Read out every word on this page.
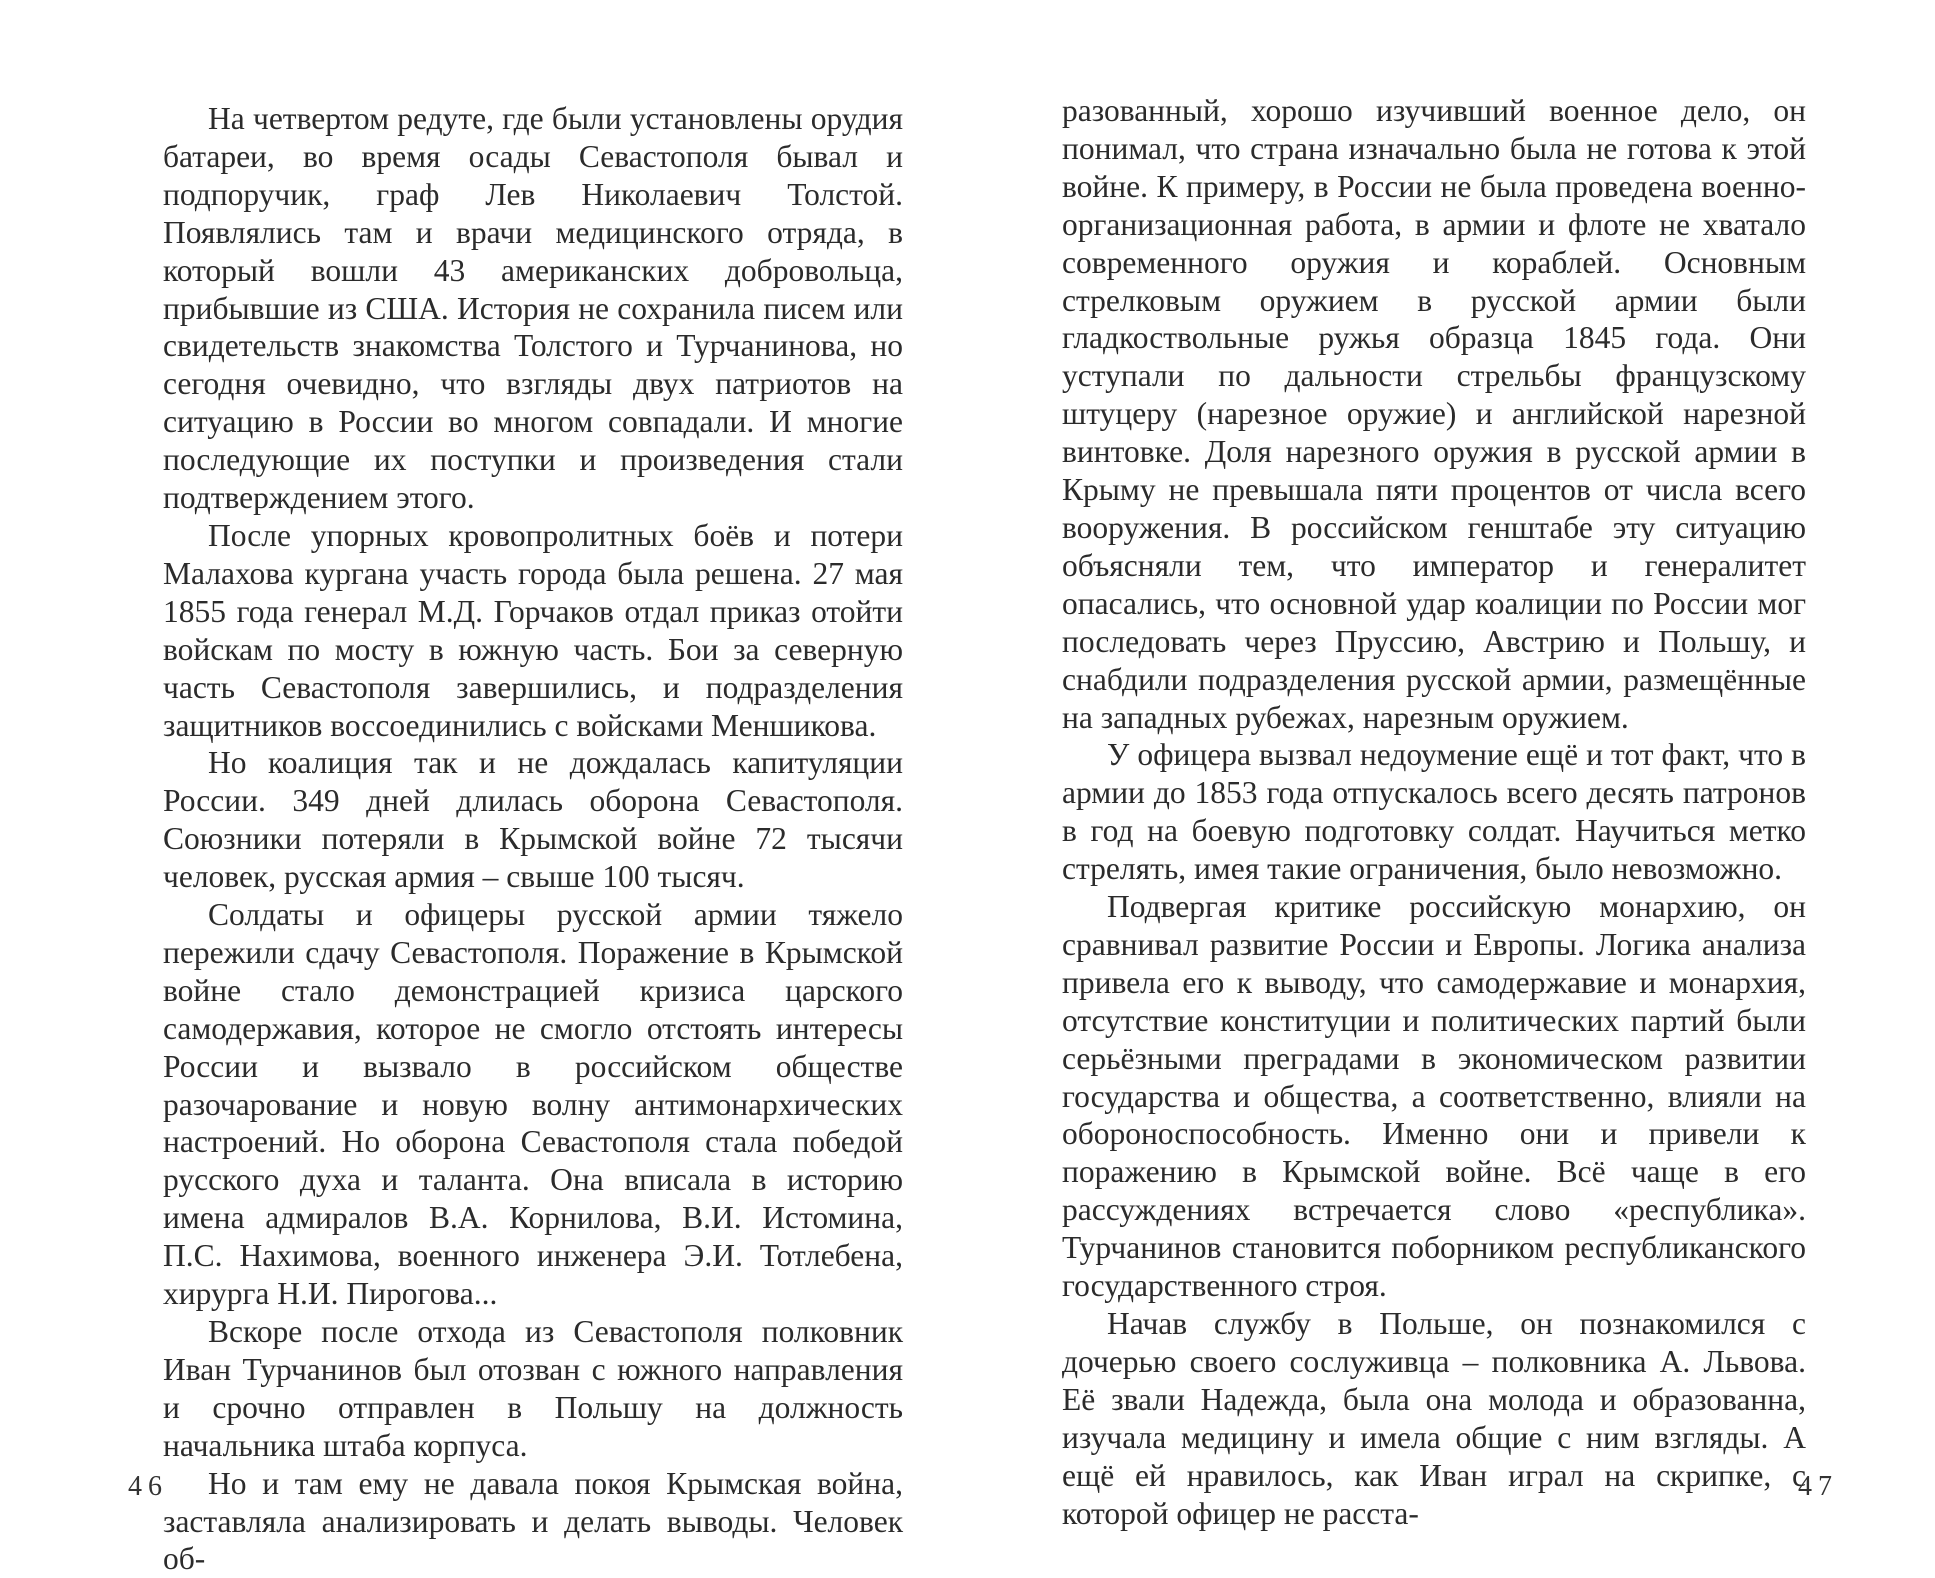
На четвертом редуте, где были установлены орудия батареи, во время осады Севастополя бывал и подпоручик, граф Лев Николаевич Толстой. Появлялись там и врачи медицинского отряда, в который вошли 43 американских добровольца, прибывшие из США. История не сохранила писем или свидетельств знакомства Толстого и Турчанинова, но сегодня очевидно, что взгляды двух патриотов на ситуацию в России во многом совпадали. И многие последующие их поступки и произведения стали подтверждением этого.

После упорных кровопролитных боёв и потери Малахова кургана участь города была решена. 27 мая 1855 года генерал М.Д. Горчаков отдал приказ отойти войскам по мосту в южную часть. Бои за северную часть Севастополя завершились, и подразделения защитников воссоединились с войсками Меншикова.

Но коалиция так и не дождалась капитуляции России. 349 дней длилась оборона Севастополя. Союзники потеряли в Крымской войне 72 тысячи человек, русская армия – свыше 100 тысяч.

Солдаты и офицеры русской армии тяжело пережили сдачу Севастополя. Поражение в Крымской войне стало демонстрацией кризиса царского самодержавия, которое не смогло отстоять интересы России и вызвало в российском обществе разочарование и новую волну антимонархических настроений. Но оборона Севастополя стала победой русского духа и таланта. Она вписала в историю имена адмиралов В.А. Корнилова, В.И. Истомина, П.С. Нахимова, военного инженера Э.И. Тотлебена, хирурга Н.И. Пирогова...

Вскоре после отхода из Севастополя полковник Иван Турчанинов был отозван с южного направления и срочно отправлен в Польшу на должность начальника штаба корпуса.

Но и там ему не давала покоя Крымская война, заставляла анализировать и делать выводы. Человек об-

46

разованный, хорошо изучивший военное дело, он понимал, что страна изначально была не готова к этой войне. К примеру, в России не была проведена военно-организационная работа, в армии и флоте не хватало современного оружия и кораблей. Основным стрелковым оружием в русской армии были гладкоствольные ружья образца 1845 года. Они уступали по дальности стрельбы французскому штуцеру (нарезное оружие) и английской нарезной винтовке. Доля нарезного оружия в русской армии в Крыму не превышала пяти процентов от числа всего вооружения. В российском генштабе эту ситуацию объясняли тем, что император и генералитет опасались, что основной удар коалиции по России мог последовать через Пруссию, Австрию и Польшу, и снабдили подразделения русской армии, размещённые на западных рубежах, нарезным оружием.

У офицера вызвал недоумение ещё и тот факт, что в армии до 1853 года отпускалось всего десять патронов в год на боевую подготовку солдат. Научиться метко стрелять, имея такие ограничения, было невозможно.

Подвергая критике российскую монархию, он сравнивал развитие России и Европы. Логика анализа привела его к выводу, что самодержавие и монархия, отсутствие конституции и политических партий были серьёзными преградами в экономическом развитии государства и общества, а соответственно, влияли на обороноспособность. Именно они и привели к поражению в Крымской войне. Всё чаще в его рассуждениях встречается слово «республика». Турчанинов становится поборником республиканского государственного строя.

Начав службу в Польше, он познакомился с дочерью своего сослуживца – полковника А. Львова. Её звали Надежда, была она молода и образованна, изучала медицину и имела общие с ним взгляды. А ещё ей нравилось, как Иван играл на скрипке, с которой офицер не расста-

47
